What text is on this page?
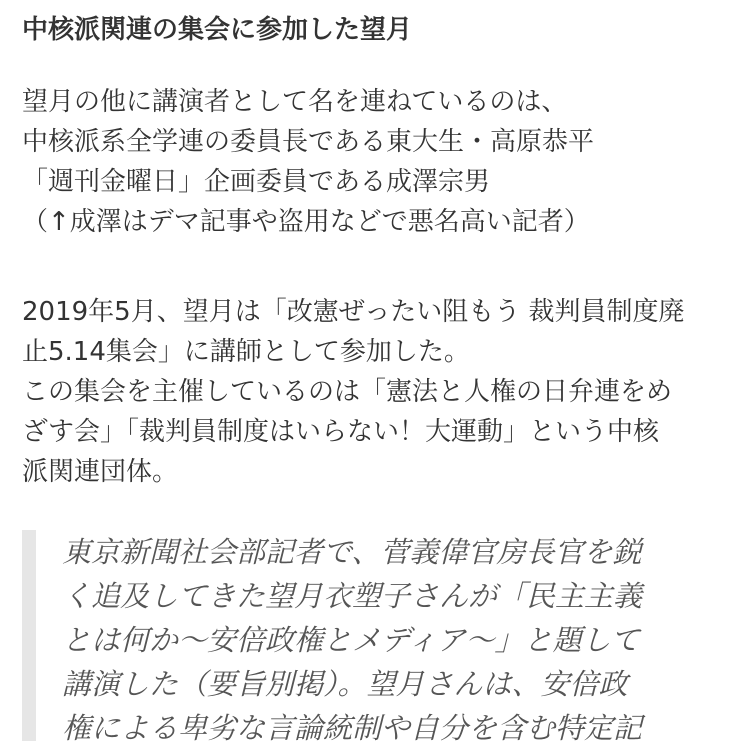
中核派関連の集会に参加した望月
望月の他に講演者として名を連ねているのは、
中核派系全学連の委員長である東大生・高原恭平
「週刊金曜日」企画委員である成澤宗男
（↑成澤はデマ記事や盗用などで悪名高い記者）
2019年5月、望月は「改憲ぜったい阻もう 裁判員制度廃
止5.14集会」に講師として参加した。
この集会を主催しているのは「憲法と人権の日弁連をめ
ざす会」「裁判員制度はいらない！大運動」という中核
派関連団体。
東京新聞社会部記者で、菅義偉官房長官を鋭
く追及してきた望月衣塑子さんが「民主主義
とは何か〜安倍政権とメディア〜」と題して
講演した（要旨別掲）。望月さんは、安倍政
権による卑劣な言論統制や自分を含む特定記
